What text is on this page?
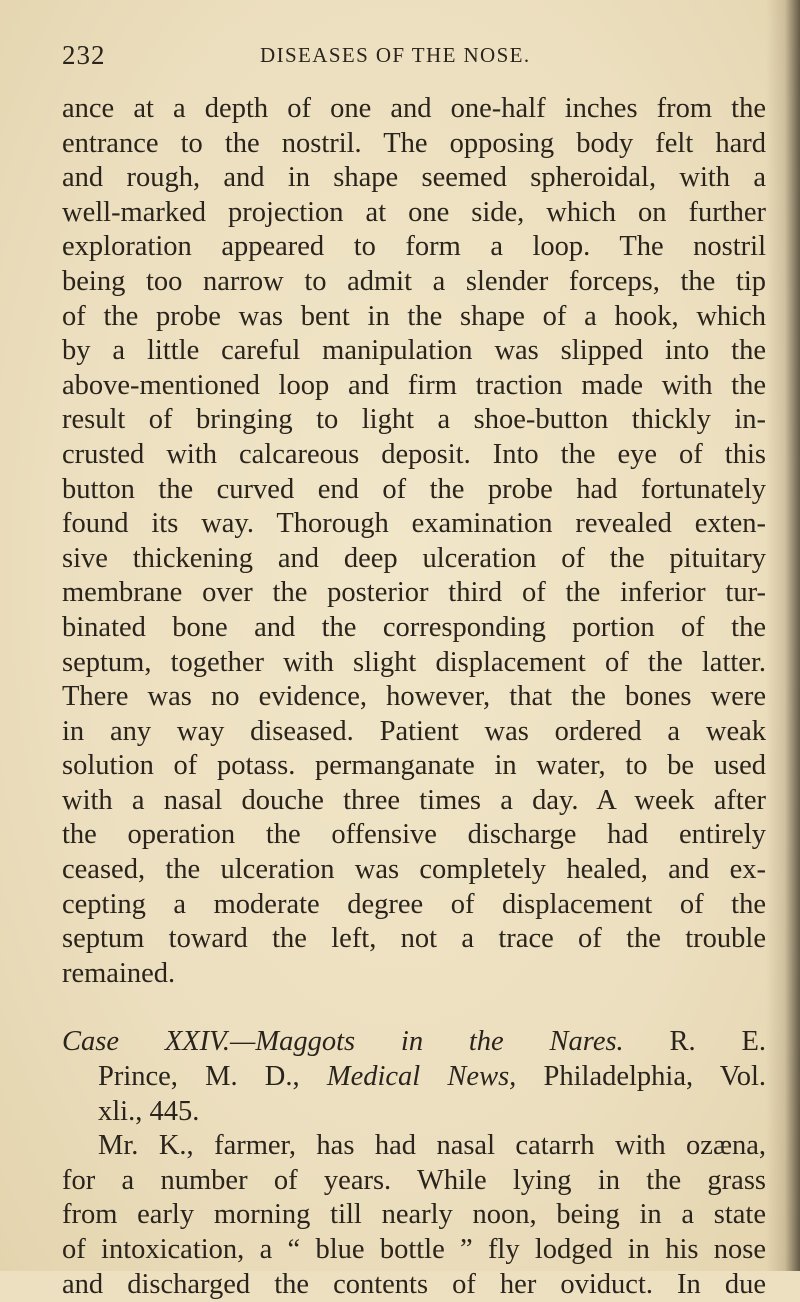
232	DISEASES OF THE NOSE.
ance at a depth of one and one-half inches from the
entrance to the nostril. The opposing body felt hard
and rough, and in shape seemed spheroidal, with a
well-marked projection at one side, which on further
exploration appeared to form a loop. The nostril
being too narrow to admit a slender forceps, the tip
of the probe was bent in the shape of a hook, which
by a little careful manipulation was slipped into the
above-mentioned loop and firm traction made with the
result of bringing to light a shoe-button thickly in-
crusted with calcareous deposit. Into the eye of this
button the curved end of the probe had fortunately
found its way. Thorough examination revealed exten-
sive thickening and deep ulceration of the pituitary
membrane over the posterior third of the inferior tur-
binated bone and the corresponding portion of the
septum, together with slight displacement of the latter.
There was no evidence, however, that the bones were
in any way diseased. Patient was ordered a weak
solution of potass. permanganate in water, to be used
with a nasal douche three times a day. A week after
the operation the offensive discharge had entirely
ceased, the ulceration was completely healed, and ex-
cepting a moderate degree of displacement of the
septum toward the left, not a trace of the trouble
remained.
Case XXIV.—Maggots in the Nares. R. E.
Prince, M. D., Medical News, Philadelphia, Vol.
xli., 445.
Mr. K., farmer, has had nasal catarrh with ozæna,
for a number of years. While lying in the grass
from early morning till nearly noon, being in a state
of intoxication, a “ blue bottle ” fly lodged in his nose
and discharged the contents of her oviduct. In due
